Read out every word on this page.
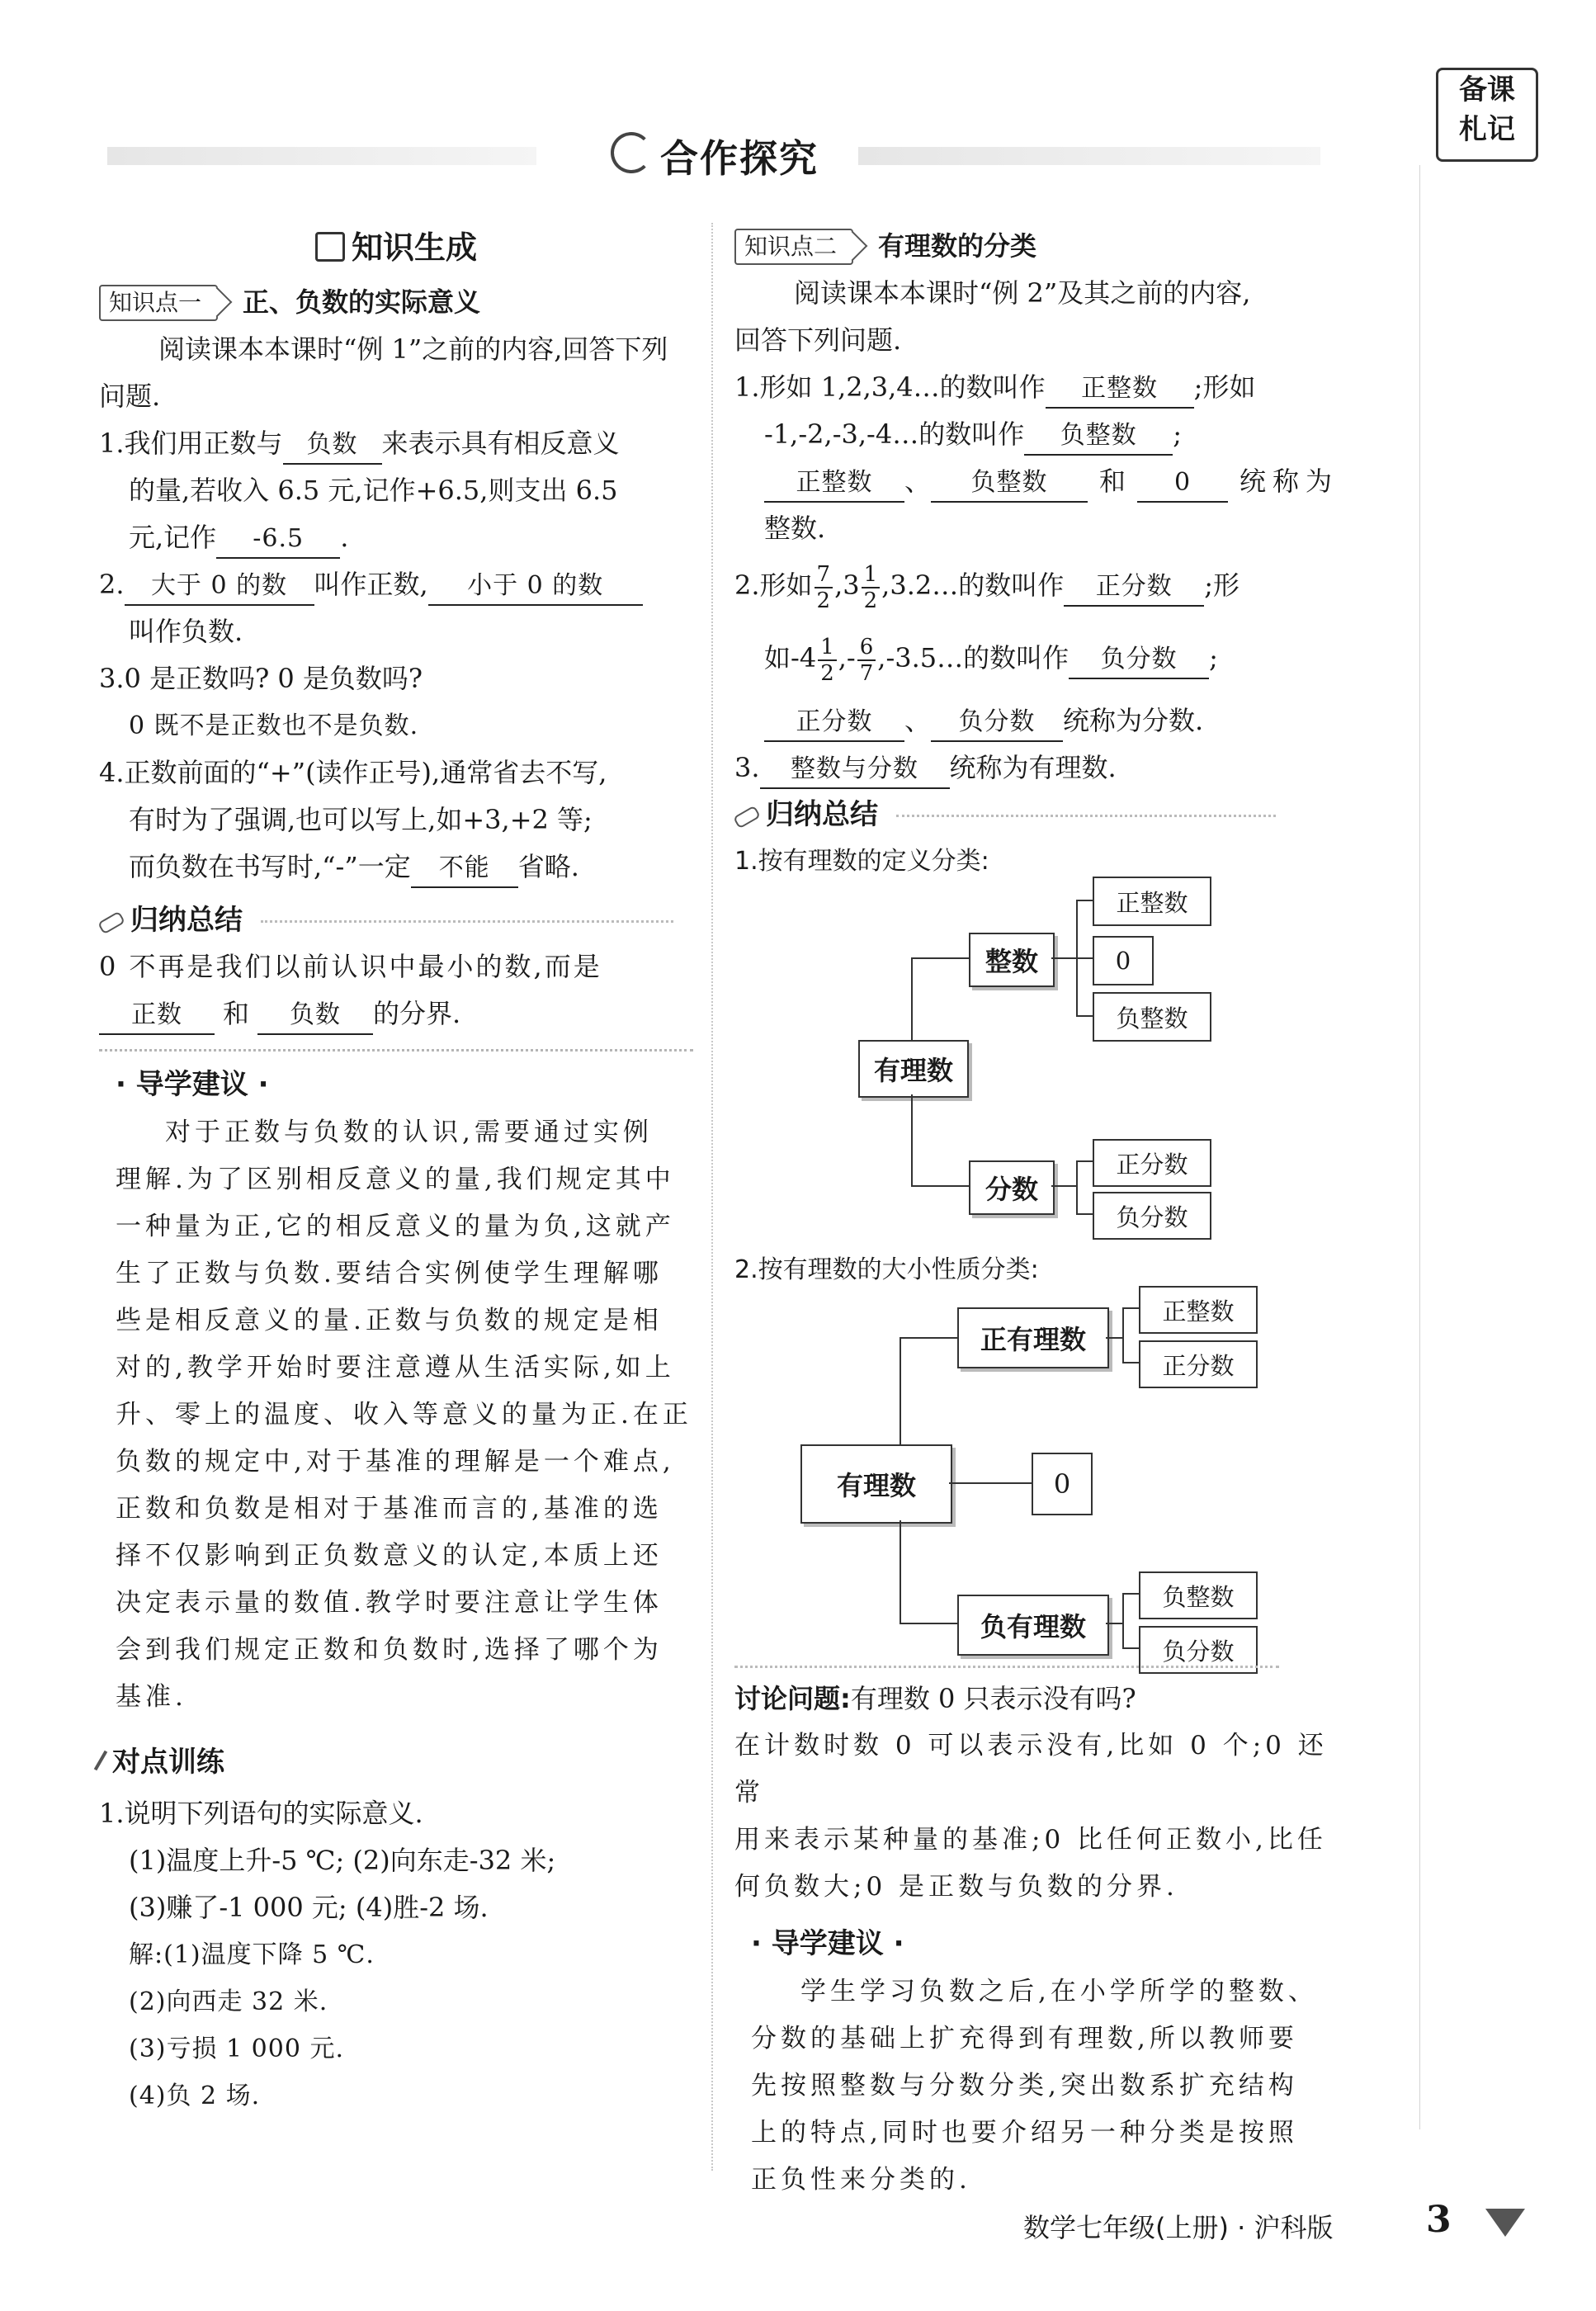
合作探究
备课
札记
知识生成
知识点一	正、负数的实际意义
阅读课本本课时“例 1”之前的内容,回答下列
问题.
1.我们用正数与 负数 来表示具有相反意义
的量,若收入 6.5 元,记作+6.5,则支出 6.5
元,记作 -6.5 .
2. 大于 0 的数 叫作正数, 小于 0 的数
叫作负数.
3.0 是正数吗? 0 是负数吗?
0 既不是正数也不是负数.
4.正数前面的“+”(读作正号),通常省去不写,
有时为了强调,也可以写上,如+3,+2 等;
而负数在书写时,“-”一定 不能 省略.
归纳总结
0 不再是我们以前认识中最小的数,而是
正数 和 负数 的分界.
· 导学建议 ·

对于正数与负数的认识,需要通过实例

理解.为了区别相反意义的量,我们规定其中

一种量为正,它的相反意义的量为负,这就产

生了正数与负数.要结合实例使学生理解哪

些是相反意义的量.正数与负数的规定是相

对的,教学开始时要注意遵从生活实际,如上

升、零上的温度、收入等意义的量为正.在正

负数的规定中,对于基准的理解是一个难点,

正数和负数是相对于基准而言的,基准的选

择不仅影响到正负数意义的认定,本质上还

决定表示量的数值.教学时要注意让学生体

会到我们规定正数和负数时,选择了哪个为

基准.

对点训练
1.说明下列语句的实际意义.
(1)温度上升-5 ℃; (2)向东走-32 米;
(3)赚了-1 000 元; (4)胜-2 场.
解:(1)温度下降 5 ℃.
(2)向西走 32 米.
(3)亏损 1 000 元.
(4)负 2 场.
知识点二	有理数的分类
阅读课本本课时“例 2”及其之前的内容,
回答下列问题.
1.形如 1,2,3,4…的数叫作 正整数 ;形如
-1,-2,-3,-4…的数叫作 负整数 ;
正整数 、 负整数 和 0 统称为
整数.
2.形如 $\frac{7}{2} ,3 \frac{1}{2}$ ,3.2…的数叫作 正分数 ;形
如$-4 \frac{1}{2}$ ,- $\frac{6}{7}$ ,-3.5…的数叫作 负分数 ;
正分数 、 负分数 统称为分数.
3. 整数与分数 统称为有理数.
归纳总结
1.按有理数的定义分类:
有理数
整数
正整数
0
负整数
分数
正分数
负分数
2.按有理数的大小性质分类:
有理数	0
正有理数
正整数
正分数
负有理数
负整数
负分数
讨论问题:有理数 0 只表示没有吗?

在计数时数 0 可以表示没有,比如 0 个;0 还常

用来表示某种量的基准;0 比任何正数小,比任

何负数大;0 是正数与负数的分界.

· 导学建议 ·

学生学习负数之后,在小学所学的整数、

分数的基础上扩充得到有理数,所以教师要

先按照整数与分数分类,突出数系扩充结构

上的特点,同时也要介绍另一种分类是按照

正负性来分类的.

数学七年级(上册) · 沪科版	3
